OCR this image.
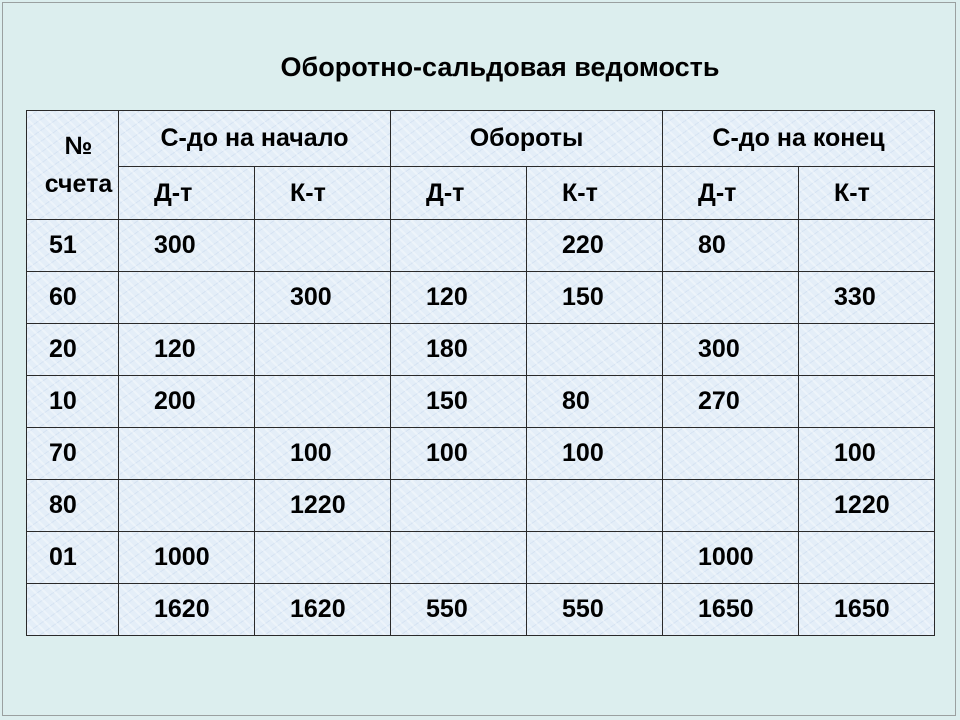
Оборотно-сальдовая ведомость
№
счета	С-до на начало		Обороты		С-до на конец	
	Д-т	К-т	Д-т	К-т	Д-т	К-т
51	300			220	80	
60		300	120	150		330
20	120		180		300	
10	200		150	80	270	
70		100	100	100		100
80		1220				1220
01	1000				1000	
	1620	1620	550	550	1650	1650
